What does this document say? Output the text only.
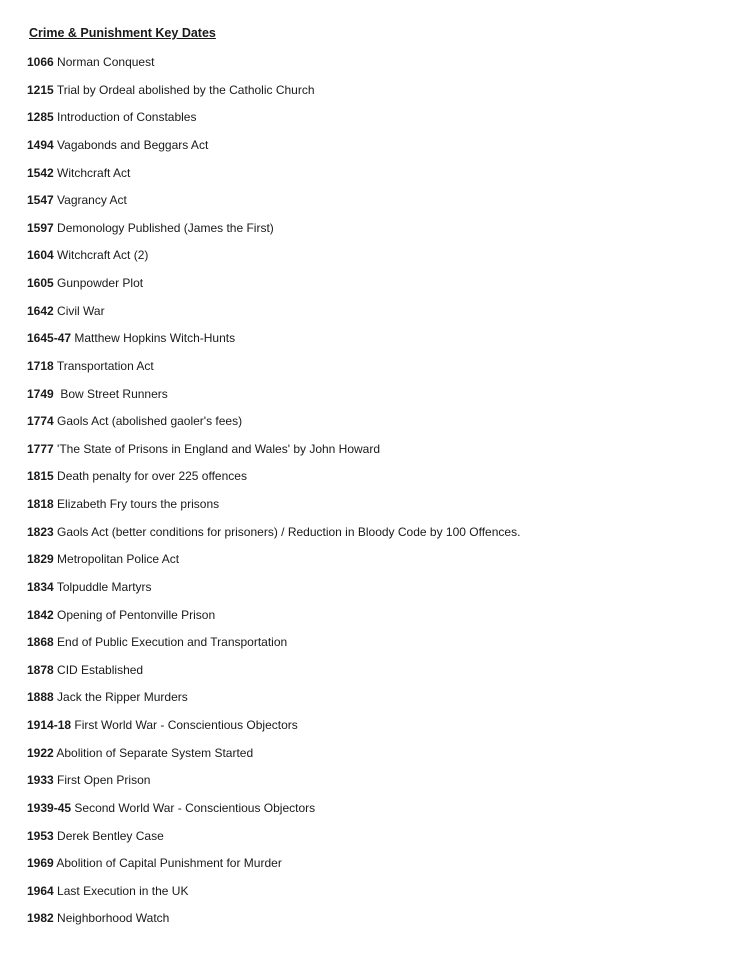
Crime & Punishment Key Dates
1066 Norman Conquest
1215 Trial by Ordeal abolished by the Catholic Church
1285 Introduction of Constables
1494 Vagabonds and Beggars Act
1542 Witchcraft Act
1547 Vagrancy Act
1597 Demonology Published (James the First)
1604 Witchcraft Act (2)
1605 Gunpowder Plot
1642 Civil War
1645-47 Matthew Hopkins Witch-Hunts
1718 Transportation Act
1749  Bow Street Runners
1774 Gaols Act (abolished gaoler's fees)
1777 'The State of Prisons in England and Wales' by John Howard
1815 Death penalty for over 225 offences
1818 Elizabeth Fry tours the prisons
1823 Gaols Act (better conditions for prisoners) / Reduction in Bloody Code by 100 Offences.
1829 Metropolitan Police Act
1834 Tolpuddle Martyrs
1842 Opening of Pentonville Prison
1868 End of Public Execution and Transportation
1878 CID Established
1888 Jack the Ripper Murders
1914-18 First World War - Conscientious Objectors
1922 Abolition of Separate System Started
1933 First Open Prison
1939-45 Second World War - Conscientious Objectors
1953 Derek Bentley Case
1969 Abolition of Capital Punishment for Murder
1964 Last Execution in the UK
1982 Neighborhood Watch
